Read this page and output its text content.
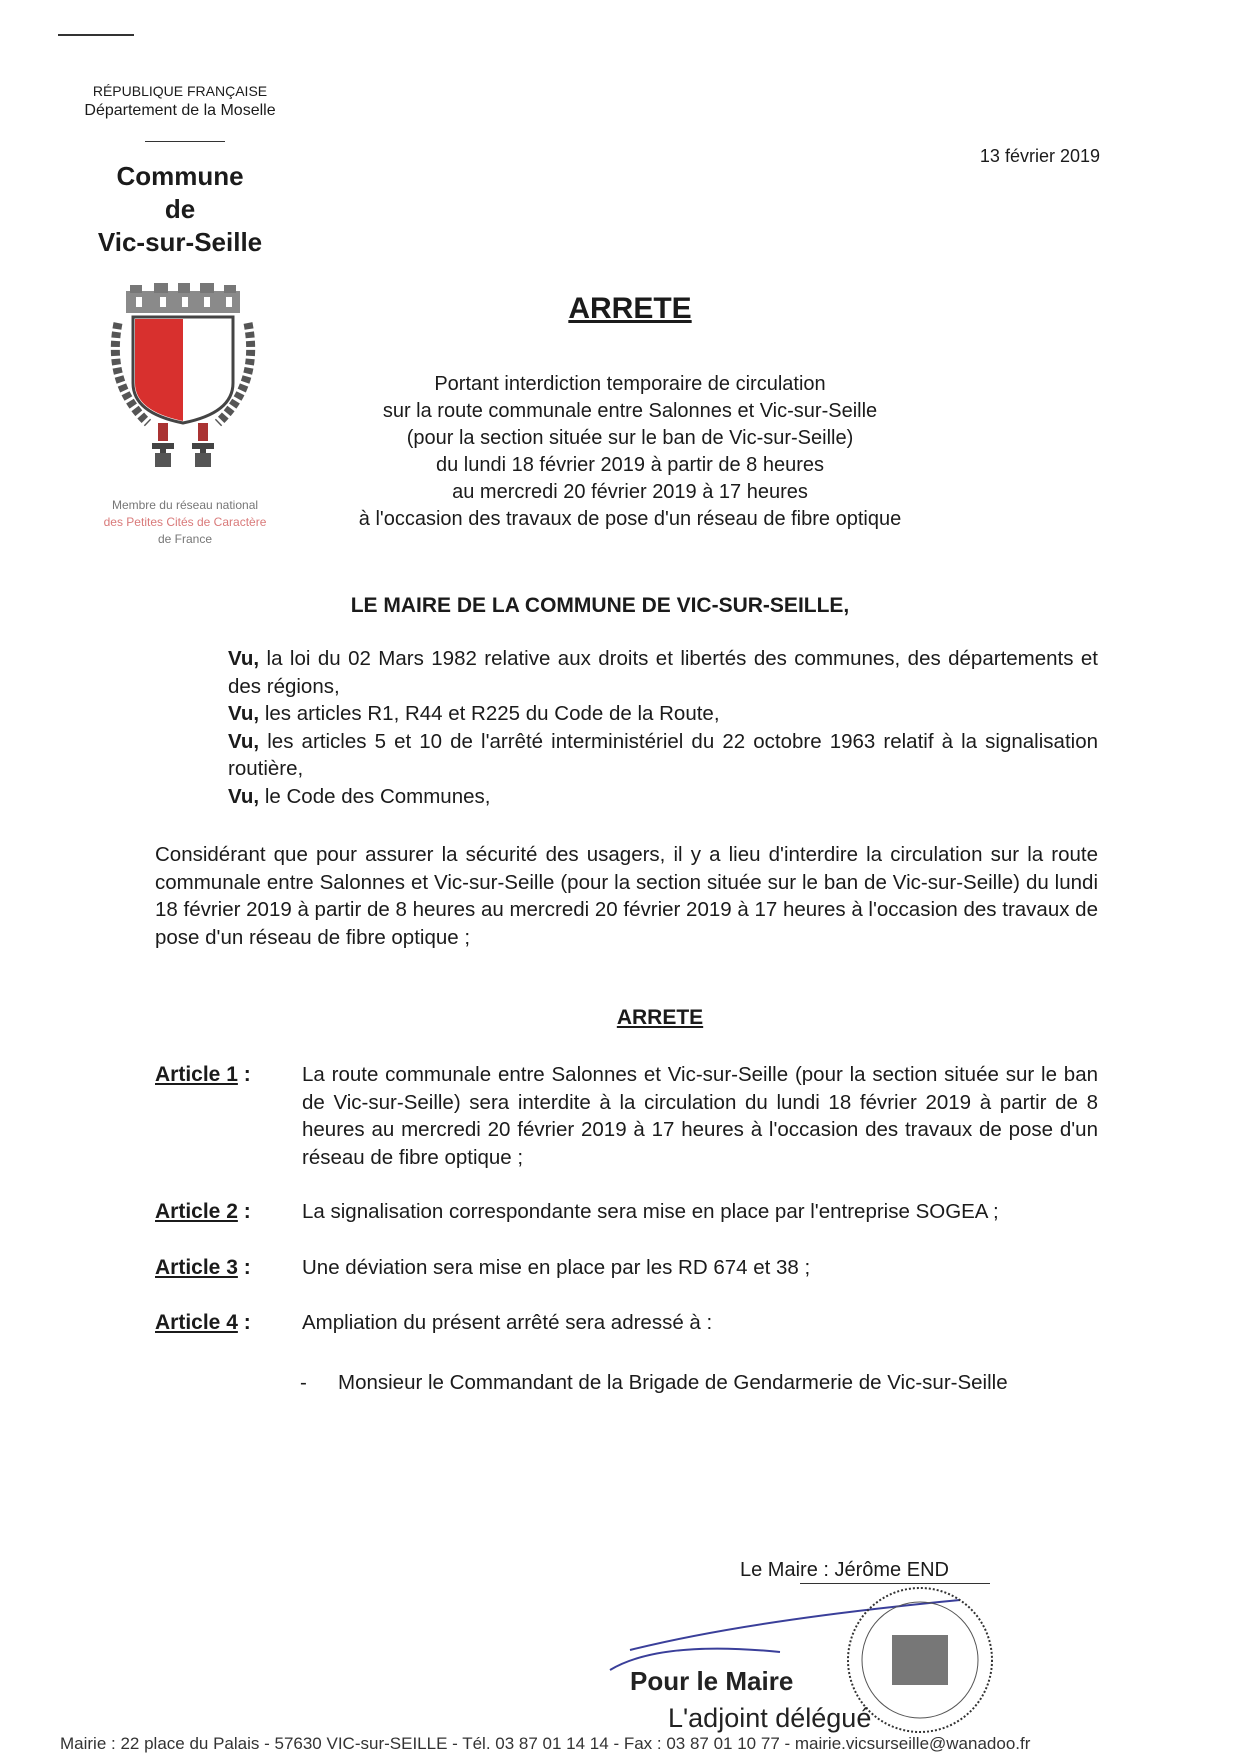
RÉPUBLIQUE FRANÇAISE
Département de la Moselle
Commune
de
Vic-sur-Seille
13 février 2019
Membre du réseau national
des Petites Cités de Caractère
de France
ARRETE
Portant interdiction temporaire de circulation
sur la route communale entre Salonnes et Vic-sur-Seille
(pour la section située sur le ban de Vic-sur-Seille)
du lundi 18 février 2019 à partir de 8 heures
au mercredi 20 février 2019 à 17 heures
à l'occasion des travaux de pose d'un réseau de fibre optique
LE MAIRE DE LA COMMUNE DE VIC-SUR-SEILLE,

Vu, la loi du 02 Mars 1982 relative aux droits et libertés des communes, des départements et des régions,

Vu, les articles R1, R44 et R225 du Code de la Route,

Vu, les articles 5 et 10 de l'arrêté interministériel du 22 octobre 1963 relatif à la signalisation routière,

Vu, le Code des Communes,

Considérant que pour assurer la sécurité des usagers, il y a lieu d'interdire la circulation sur la route communale entre Salonnes et Vic-sur-Seille (pour la section située sur le ban de Vic-sur-Seille) du lundi 18 février 2019 à partir de 8 heures au mercredi 20 février 2019 à 17 heures à l'occasion des travaux de pose d'un réseau de fibre optique ;
ARRETE
Article 1 :	La route communale entre Salonnes et Vic-sur-Seille (pour la section située sur le ban de Vic-sur-Seille) sera interdite à la circulation du lundi 18 février 2019 à partir de 8 heures au mercredi 20 février 2019 à 17 heures à l'occasion des travaux de pose d'un réseau de fibre optique ;
Article 2 :	La signalisation correspondante sera mise en place par l'entreprise SOGEA ;
Article 3 :	Une déviation sera mise en place par les RD 674 et 38 ;
Article 4 :	Ampliation du présent arrêté sera adressé à :
- Monsieur le Commandant de la Brigade de Gendarmerie de Vic-sur-Seille
Le Maire : Jérôme END
Pour le Maire
L'adjoint délégué
Mairie : 22 place du Palais - 57630 VIC-sur-SEILLE - Tél. 03 87 01 14 14 - Fax : 03 87 01 10 77 - mairie.vicsurseille@wanadoo.fr
